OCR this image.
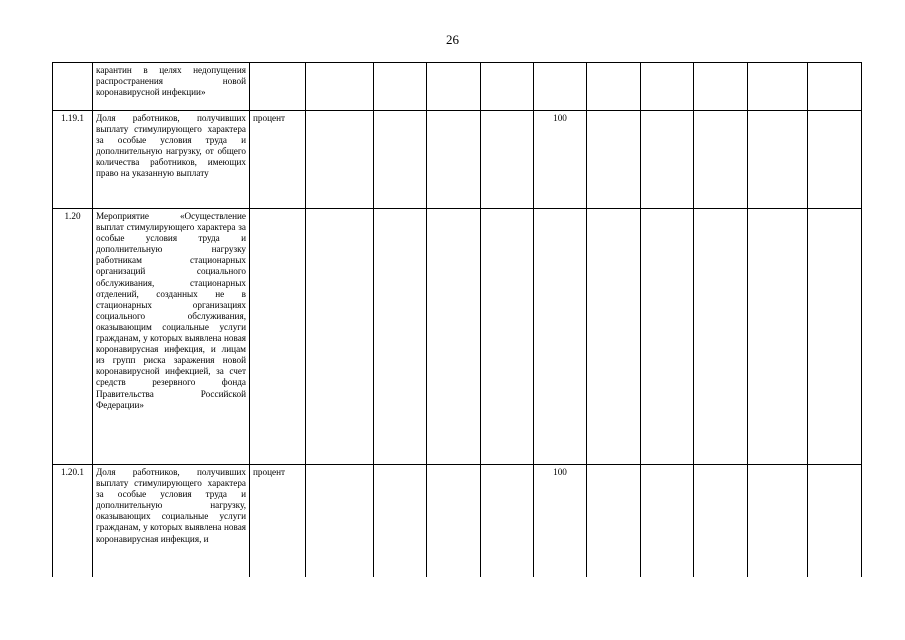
26
	карантин в целях недопущения распространения новой коронавирусной инфекции»											
1.19.1	Доля работников, получивших выплату стимулирующего характера за особые условия труда и дополнительную нагрузку, от общего количества работников, имеющих право на указанную выплату	процент					100					
1.20	Мероприятие «Осуществление выплат стимулирующего характера за особые условия труда и дополнительную нагрузку работникам стационарных организаций социального обслуживания, стационарных отделений, созданных не в стационарных организациях социального обслуживания, оказывающим социальные услуги гражданам, у которых выявлена новая коронавирусная инфекция, и лицам из групп риска заражения новой коронавирусной инфекцией, за счет средств резервного фонда Правительства Российской Федерации»											
1.20.1	Доля работников, получивших выплату стимулирующего характера за особые условия труда и дополнительную нагрузку, оказывающих социальные услуги гражданам, у которых выявлена новая коронавирусная инфекция, и	процент					100					
